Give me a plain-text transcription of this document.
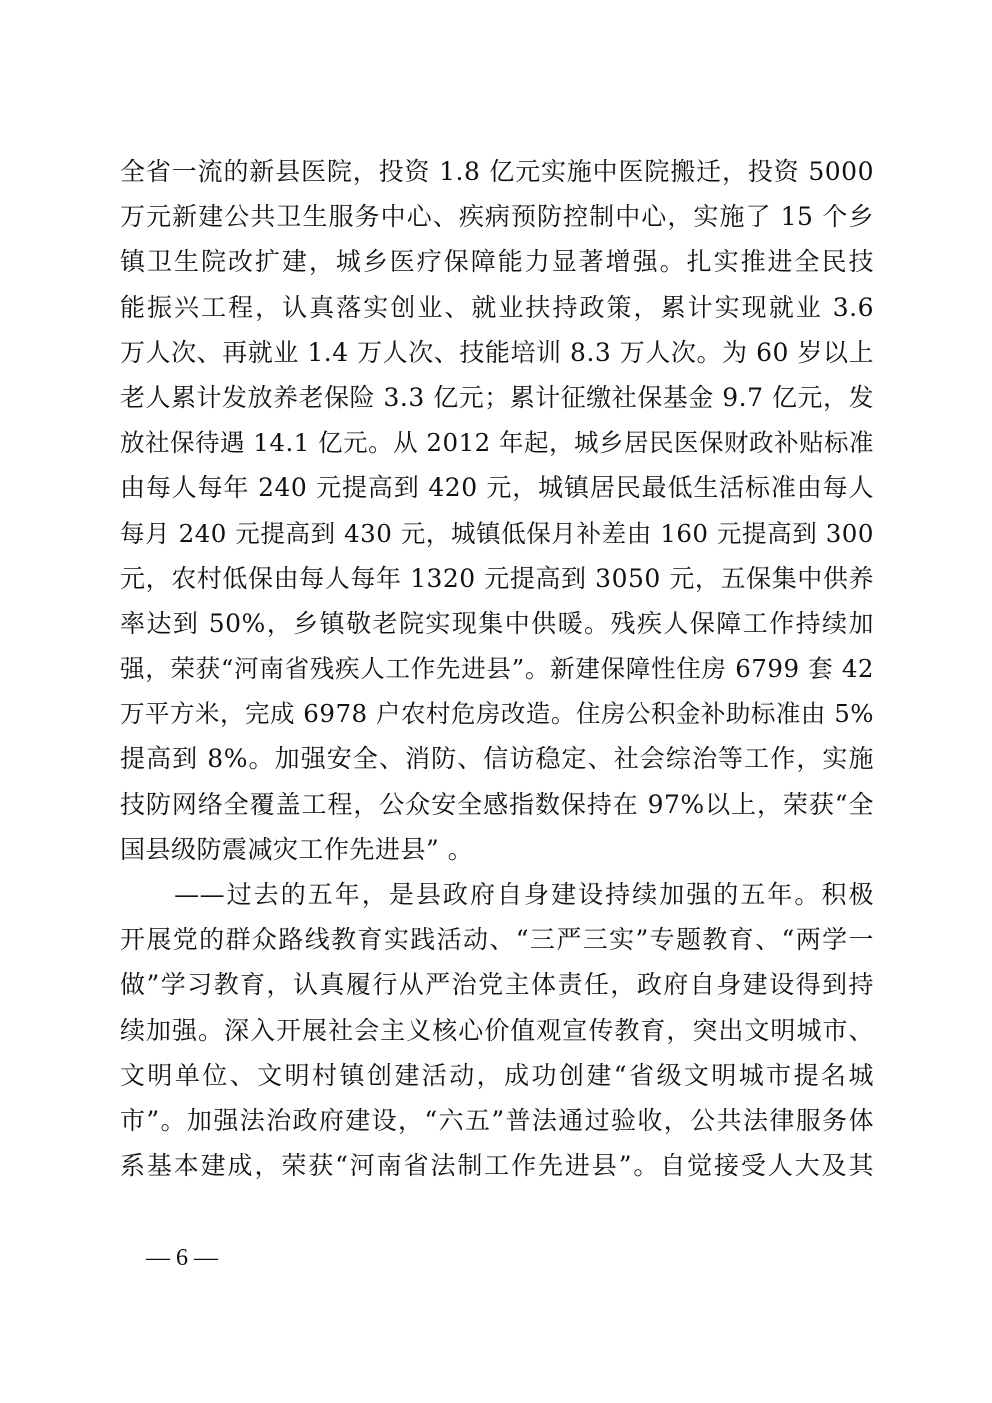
全省一流的新县医院，投资 1.8 亿元实施中医院搬迁，投资 5000
万元新建公共卫生服务中心、疾病预防控制中心，实施了 15 个乡
镇卫生院改扩建，城乡医疗保障能力显著增强。扎实推进全民技
能振兴工程，认真落实创业、就业扶持政策，累计实现就业 3.6
万人次、再就业 1.4 万人次、技能培训 8.3 万人次。为 60 岁以上
老人累计发放养老保险 3.3 亿元；累计征缴社保基金 9.7 亿元，发
放社保待遇 14.1 亿元。从 2012 年起，城乡居民医保财政补贴标准
由每人每年 240 元提高到 420 元，城镇居民最低生活标准由每人
每月 240 元提高到 430 元，城镇低保月补差由 160 元提高到 300
元，农村低保由每人每年 1320 元提高到 3050 元，五保集中供养
率达到 50%，乡镇敬老院实现集中供暖。残疾人保障工作持续加
强，荣获“河南省残疾人工作先进县”。新建保障性住房 6799 套 42
万平方米，完成 6978 户农村危房改造。住房公积金补助标准由 5%
提高到 8%。加强安全、消防、信访稳定、社会综治等工作，实施
技防网络全覆盖工程，公众安全感指数保持在 97%以上，荣获“全
国县级防震减灾工作先进县” 。
　　——过去的五年，是县政府自身建设持续加强的五年。积极
开展党的群众路线教育实践活动、“三严三实”专题教育、“两学一
做”学习教育，认真履行从严治党主体责任，政府自身建设得到持
续加强。深入开展社会主义核心价值观宣传教育，突出文明城市、
文明单位、文明村镇创建活动，成功创建“省级文明城市提名城
市”。加强法治政府建设，“六五”普法通过验收，公共法律服务体
系基本建成，荣获“河南省法制工作先进县”。自觉接受人大及其
— 6 —
